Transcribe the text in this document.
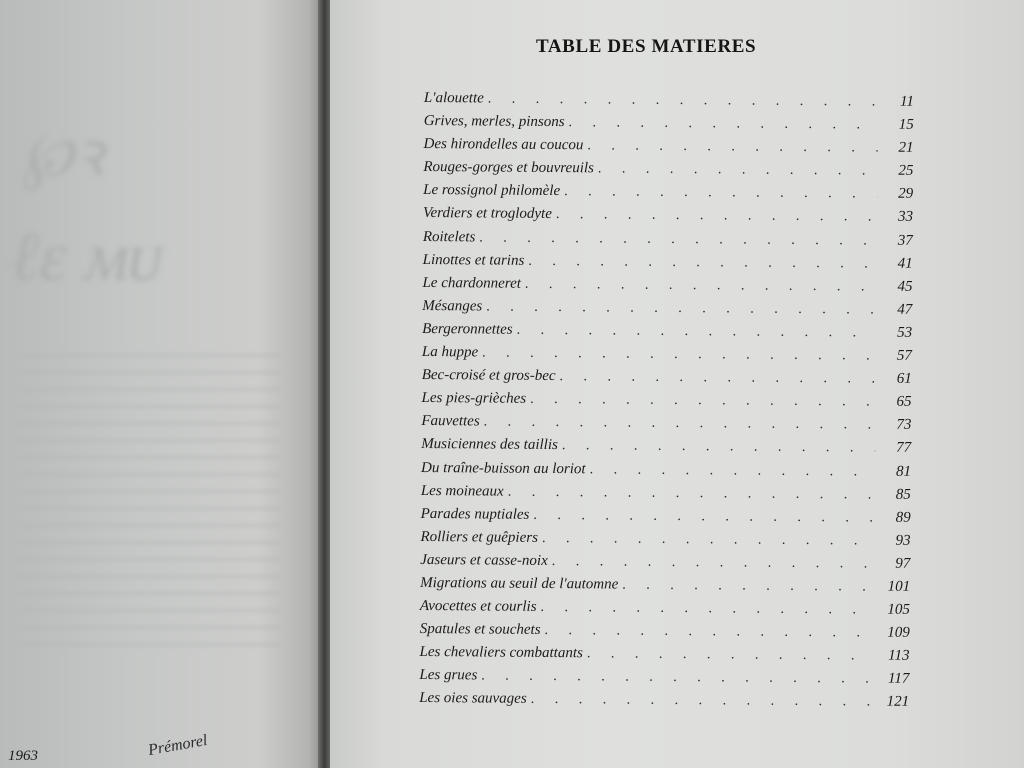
℘ꝛ
ℓε ᴍᴜ
1963	Prémorel
TABLE DES MATIERES
L'alouette . . .	11
Grives, merles, pinsons . . .	15
Des hirondelles au coucou . . .	21
Rouges-gorges et bouvreuils . . .	25
Le rossignol philomèle . . .	29
Verdiers et troglodyte . . .	33
Roitelets . . .	37
Linottes et tarins . . .	41
Le chardonneret . . .	45
Mésanges . . .	47
Bergeronnettes . . .	53
La huppe . . .	57
Bec-croisé et gros-bec . . .	61
Les pies-grièches . . .	65
Fauvettes . . .	73
Musiciennes des taillis . . .	77
Du traîne-buisson au loriot . . .	81
Les moineaux . . .	85
Parades nuptiales . . .	89
Rolliers et guêpiers . . .	93
Jaseurs et casse-noix . . .	97
Migrations au seuil de l'automne . . .	101
Avocettes et courlis . . .	105
Spatules et souchets . . .	109
Les chevaliers combattants . . .	113
Les grues . . .	117
Les oies sauvages . . .	121
